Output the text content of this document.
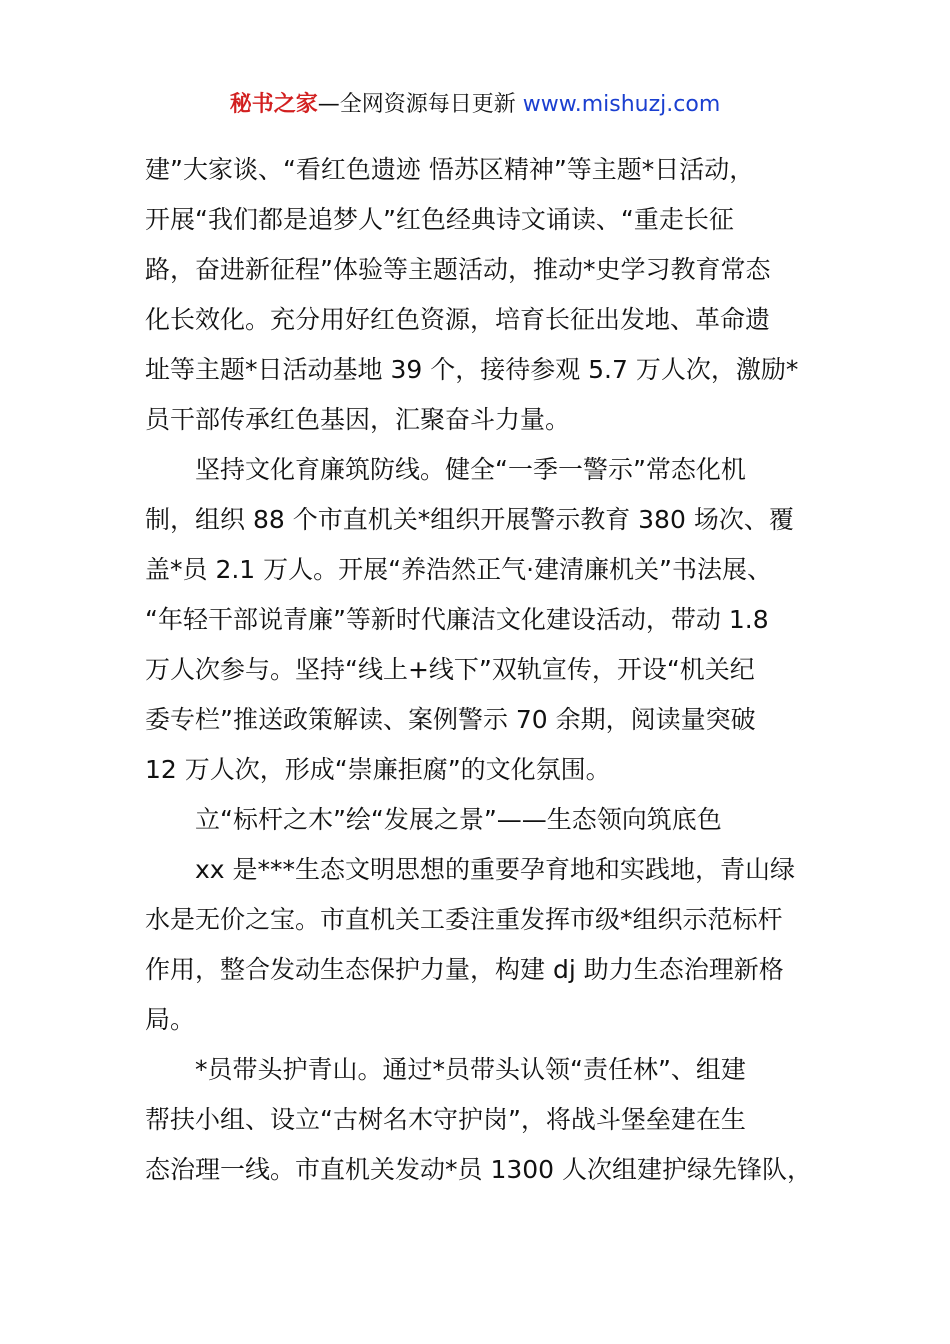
秘书之家—全网资源每日更新 www.mishuzj.com
建”大家谈、“看红色遗迹 悟苏区精神”等主题*日活动，
开展“我们都是追梦人”红色经典诗文诵读、“重走长征
路，奋进新征程”体验等主题活动，推动*史学习教育常态
化长效化。充分用好红色资源，培育长征出发地、革命遗
址等主题*日活动基地 39 个，接待参观 5.7 万人次，激励*
员干部传承红色基因，汇聚奋斗力量。
坚持文化育廉筑防线。健全“一季一警示”常态化机
制，组织 88 个市直机关*组织开展警示教育 380 场次、覆
盖*员 2.1 万人。开展“养浩然正气·建清廉机关”书法展、
“年轻干部说青廉”等新时代廉洁文化建设活动，带动 1.8
万人次参与。坚持“线上+线下”双轨宣传，开设“机关纪
委专栏”推送政策解读、案例警示 70 余期，阅读量突破
12 万人次，形成“崇廉拒腐”的文化氛围。
立“标杆之木”绘“发展之景”——生态领向筑底色
xx 是***生态文明思想的重要孕育地和实践地，青山绿
水是无价之宝。市直机关工委注重发挥市级*组织示范标杆
作用，整合发动生态保护力量，构建 dj 助力生态治理新格
局。
*员带头护青山。通过*员带头认领“责任林”、组建
帮扶小组、设立“古树名木守护岗”，将战斗堡垒建在生
态治理一线。市直机关发动*员 1300 人次组建护绿先锋队，
